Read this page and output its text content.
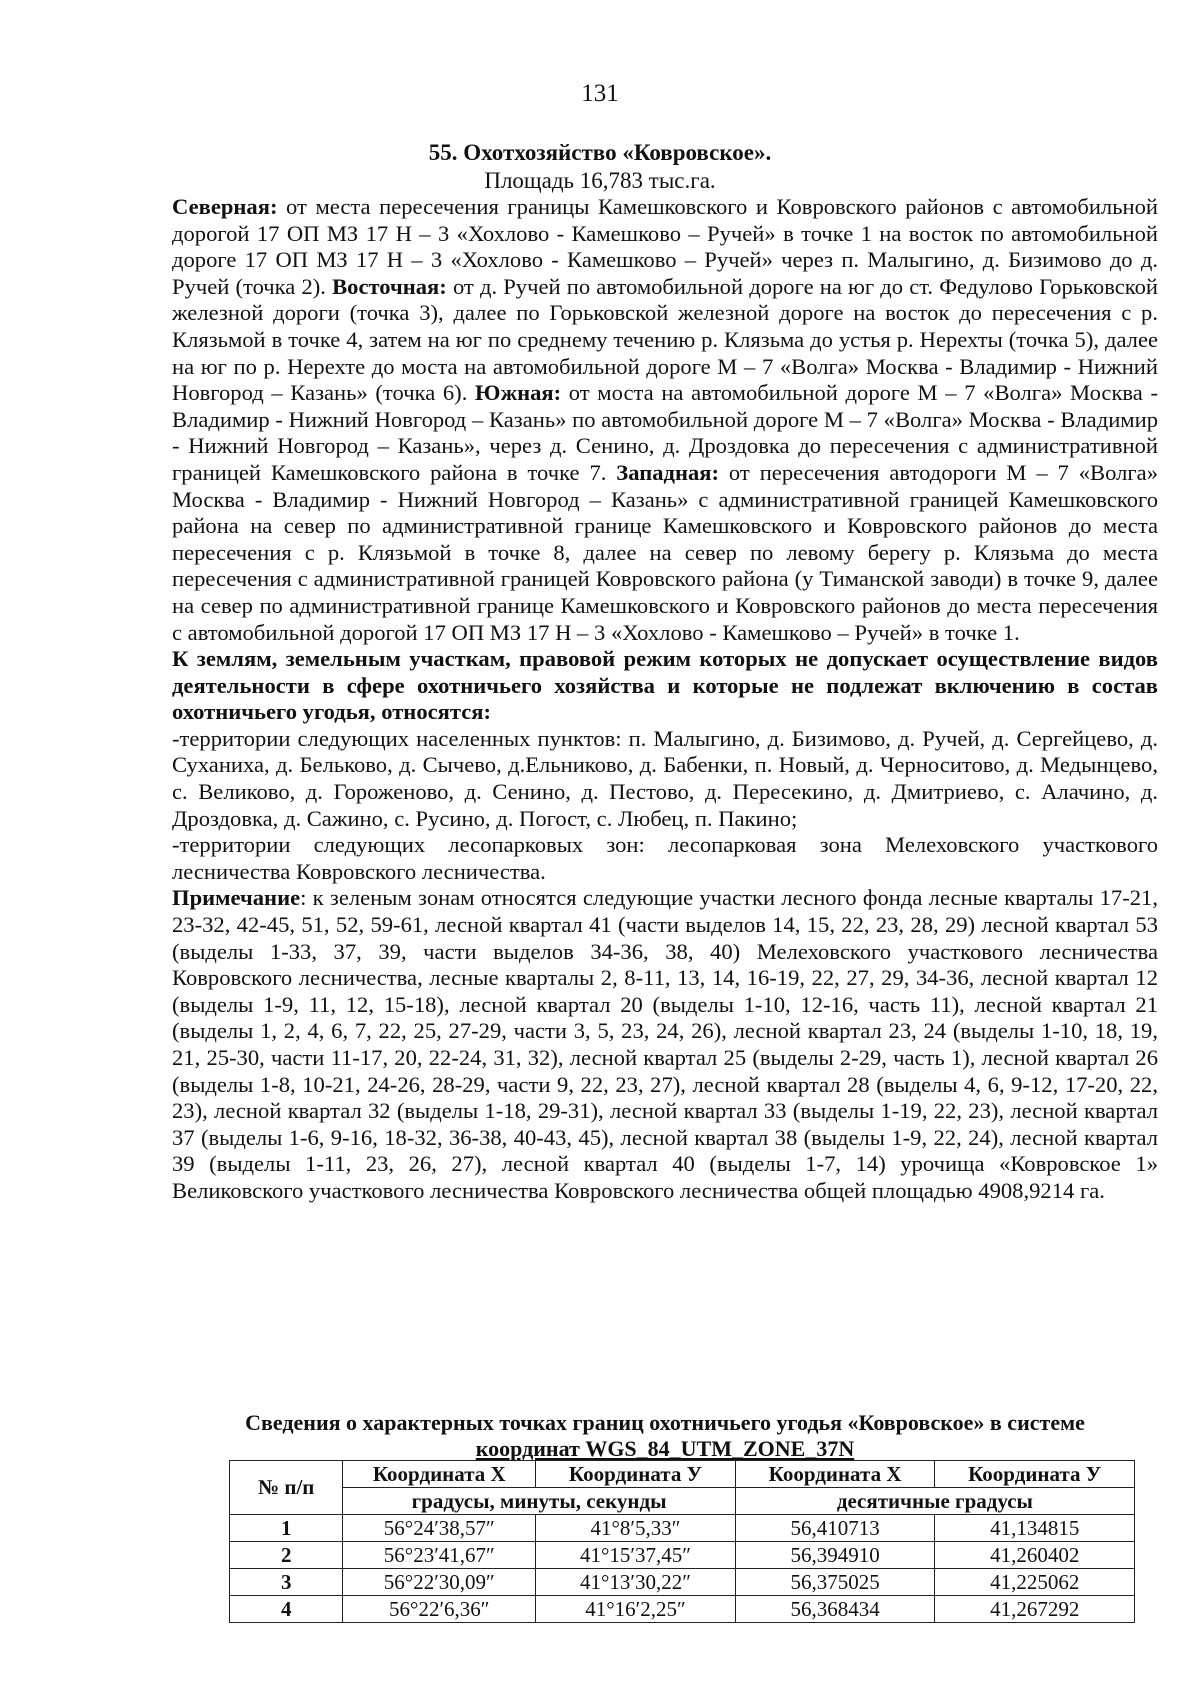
131
55. Охотхозяйство «Ковровское».
Площадь 16,783 тыс.га.

Северная: от места пересечения границы Камешковского и Ковровского районов с автомобильной дорогой 17 ОП МЗ 17 Н – 3 «Хохлово - Камешково – Ручей» в точке 1 на восток по автомобильной дороге 17 ОП МЗ 17 Н – 3 «Хохлово - Камешково – Ручей» через п. Малыгино, д. Бизимово до д. Ручей (точка 2). Восточная: от д. Ручей по автомобильной дороге на юг до ст. Федулово Горьковской железной дороги (точка 3), далее по Горьковской железной дороге на восток до пересечения с р. Клязьмой в точке 4, затем на юг по среднему течению р. Клязьма до устья р. Нерехты (точка 5), далее на юг по р. Нерехте до моста на автомобильной дороге М – 7 «Волга» Москва - Владимир - Нижний Новгород – Казань» (точка 6). Южная: от моста на автомобильной дороге М – 7 «Волга» Москва - Владимир - Нижний Новгород – Казань» по автомобильной дороге М – 7 «Волга» Москва - Владимир - Нижний Новгород – Казань», через д. Сенино, д. Дроздовка до пересечения с административной границей Камешковского района в точке 7. Западная: от пересечения автодороги М – 7 «Волга» Москва - Владимир - Нижний Новгород – Казань» с административной границей Камешковского района на север по административной границе Камешковского и Ковровского районов до места пересечения с р. Клязьмой в точке 8, далее на север по левому берегу р. Клязьма до места пересечения с административной границей Ковровского района (у Тиманской заводи) в точке 9, далее на север по административной границе Камешковского и Ковровского районов до места пересечения с автомобильной дорогой 17 ОП МЗ 17 Н – 3 «Хохлово - Камешково – Ручей» в точке 1.

К землям, земельным участкам, правовой режим которых не допускает осуществление видов деятельности в сфере охотничьего хозяйства и которые не подлежат включению в состав охотничьего угодья, относятся:

-территории следующих населенных пунктов: п. Малыгино, д. Бизимово, д. Ручей, д. Сергейцево, д. Суханиха, д. Бельково, д. Сычево, д.Ельниково, д. Бабенки, п. Новый, д. Черноситово, д. Медынцево, с. Великово, д. Гороженово, д. Сенино, д. Пестово, д. Пересекино, д. Дмитриево, с. Алачино, д. Дроздовка, д. Сажино, с. Русино, д. Погост, с. Любец, п. Пакино;

-территории следующих лесопарковых зон: лесопарковая зона Мелеховского участкового лесничества Ковровского лесничества.

Примечание: к зеленым зонам относятся следующие участки лесного фонда лесные кварталы 17-21, 23-32, 42-45, 51, 52, 59-61, лесной квартал 41 (части выделов 14, 15, 22, 23, 28, 29) лесной квартал 53 (выделы 1-33, 37, 39, части выделов 34-36, 38, 40) Мелеховского участкового лесничества Ковровского лесничества, лесные кварталы 2, 8-11, 13, 14, 16-19, 22, 27, 29, 34-36, лесной квартал 12 (выделы 1-9, 11, 12, 15-18), лесной квартал 20 (выделы 1-10, 12-16, часть 11), лесной квартал 21 (выделы 1, 2, 4, 6, 7, 22, 25, 27-29, части 3, 5, 23, 24, 26), лесной квартал 23, 24 (выделы 1-10, 18, 19, 21, 25-30, части 11-17, 20, 22-24, 31, 32), лесной квартал 25 (выделы 2-29, часть 1), лесной квартал 26 (выделы 1-8, 10-21, 24-26, 28-29, части 9, 22, 23, 27), лесной квартал 28 (выделы 4, 6, 9-12, 17-20, 22, 23), лесной квартал 32 (выделы 1-18, 29-31), лесной квартал 33 (выделы 1-19, 22, 23), лесной квартал 37 (выделы 1-6, 9-16, 18-32, 36-38, 40-43, 45), лесной квартал 38 (выделы 1-9, 22, 24), лесной квартал 39 (выделы 1-11, 23, 26, 27), лесной квартал 40 (выделы 1-7, 14) урочища «Ковровское 1» Великовского участкового лесничества Ковровского лесничества общей площадью 4908,9214 га.

Сведения о характерных точках границ охотничьего угодья «Ковровское» в системе
координат WGS_84_UTM_ZONE_37N
№ п/п	Координата X	Координата У	Координата X	Координата У
	градусы, минуты, секунды		десятичные градусы	
1	56°24′38,57″	41°8′5,33″	56,410713	41,134815
2	56°23′41,67″	41°15′37,45″	56,394910	41,260402
3	56°22′30,09″	41°13′30,22″	56,375025	41,225062
4	56°22′6,36″	41°16′2,25″	56,368434	41,267292
